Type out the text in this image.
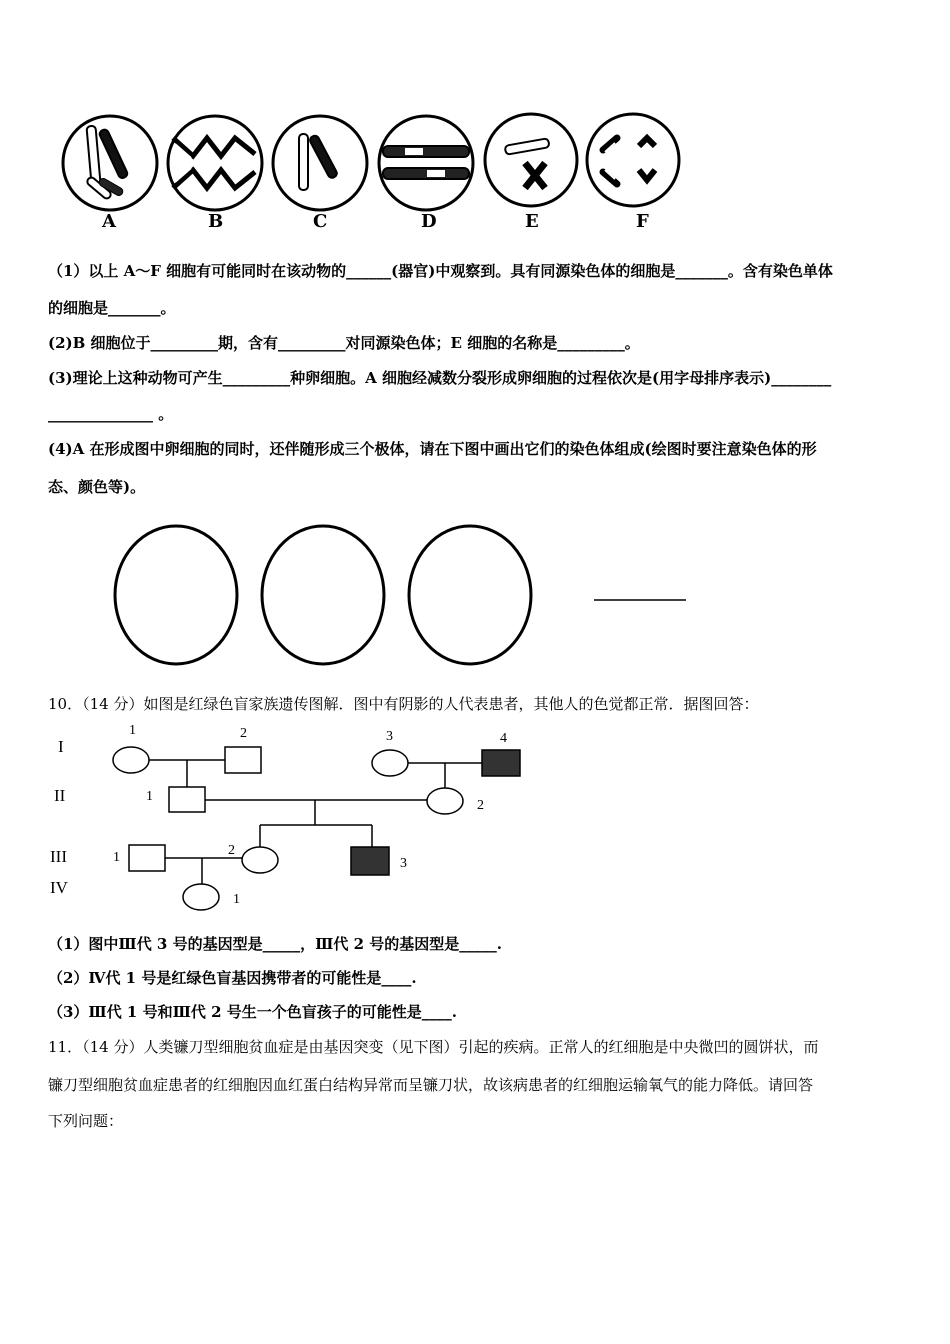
A	B	C	D	E	F
（1）以上 A～F 细胞有可能同时在该动物的______(器官)中观察到。具有同源染色体的细胞是_______。含有染色单体
的细胞是_______。
(2)B 细胞位于_________期，含有_________对同源染色体；E 细胞的名称是_________。
(3)理论上这种动物可产生_________种卵细胞。A 细胞经减数分裂形成卵细胞的过程依次是(用字母排序表示)________
______________ 。
(4)A 在形成图中卵细胞的同时，还伴随形成三个极体，请在下图中画出它们的染色体组成(绘图时要注意染色体的形
态、颜色等)。
10．（14 分）如图是红绿色盲家族遗传图解．图中有阴影的人代表患者，其他人的色觉都正常．据图回答：
I
II
III
IV
1	2	3	4
1
2
1	2
3
1
（1）图中Ⅲ代 3 号的基因型是_____，Ⅲ代 2 号的基因型是_____.
（2）Ⅳ代 1 号是红绿色盲基因携带者的可能性是____.
（3）Ⅲ代 1 号和Ⅲ代 2 号生一个色盲孩子的可能性是____.
11．（14 分）人类镰刀型细胞贫血症是由基因突变（见下图）引起的疾病。正常人的红细胞是中央微凹的圆饼状，而
镰刀型细胞贫血症患者的红细胞因血红蛋白结构异常而呈镰刀状，故该病患者的红细胞运输氧气的能力降低。请回答
下列问题：
